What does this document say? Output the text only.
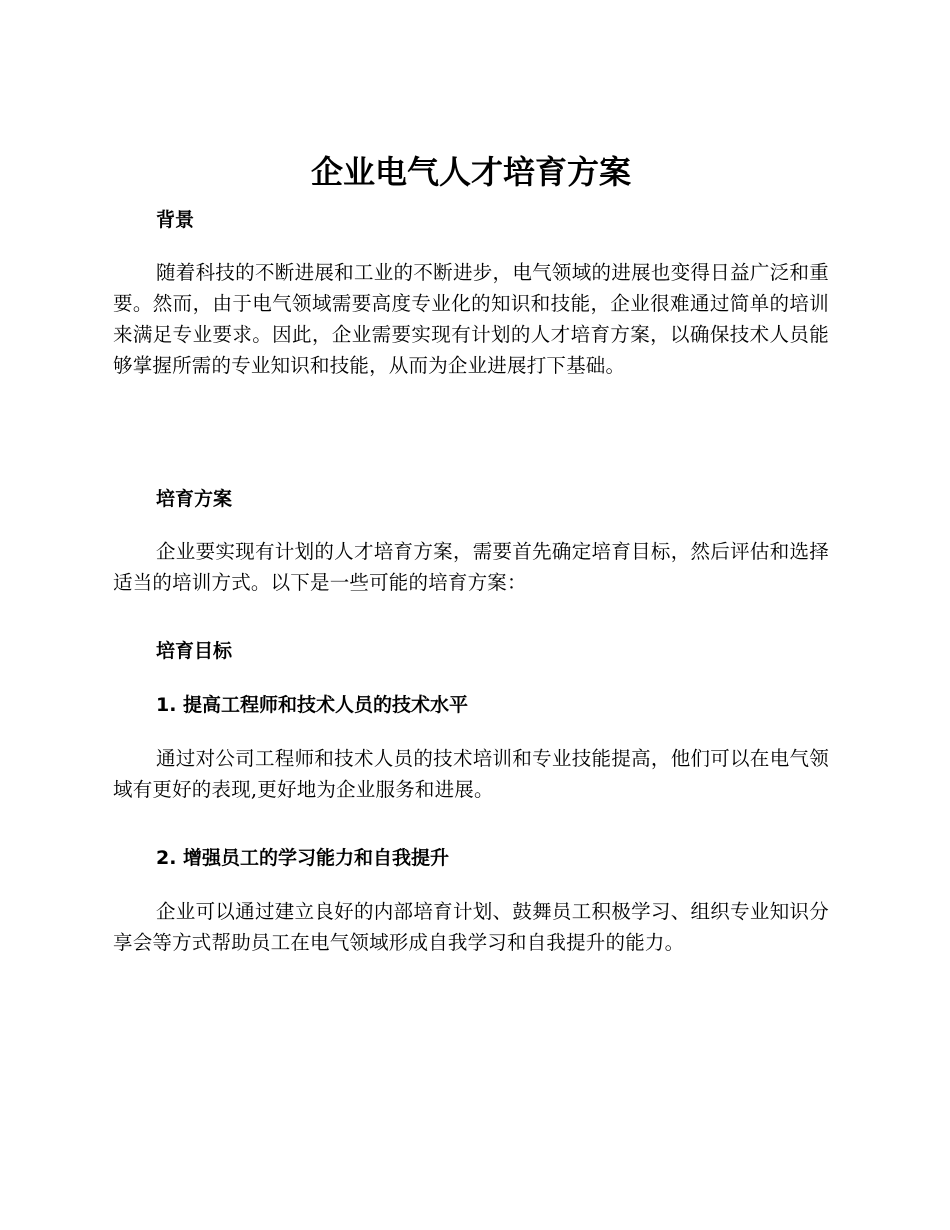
企业电气人才培育方案
背景

随着科技的不断进展和工业的不断进步，电气领域的进展也变得日益广泛和重要。然而，由于电气领域需要高度专业化的知识和技能，企业很难通过简单的培训来满足专业要求。因此，企业需要实现有计划的人才培育方案，以确保技术人员能够掌握所需的专业知识和技能，从而为企业进展打下基础。

培育方案

企业要实现有计划的人才培育方案，需要首先确定培育目标，然后评估和选择适当的培训方式。以下是一些可能的培育方案：

培育目标
1. 提高工程师和技术人员的技术水平

通过对公司工程师和技术人员的技术培训和专业技能提高，他们可以在电气领域有更好的表现,更好地为企业服务和进展。

2. 增强员工的学习能力和自我提升

企业可以通过建立良好的内部培育计划、鼓舞员工积极学习、组织专业知识分享会等方式帮助员工在电气领域形成自我学习和自我提升的能力。
